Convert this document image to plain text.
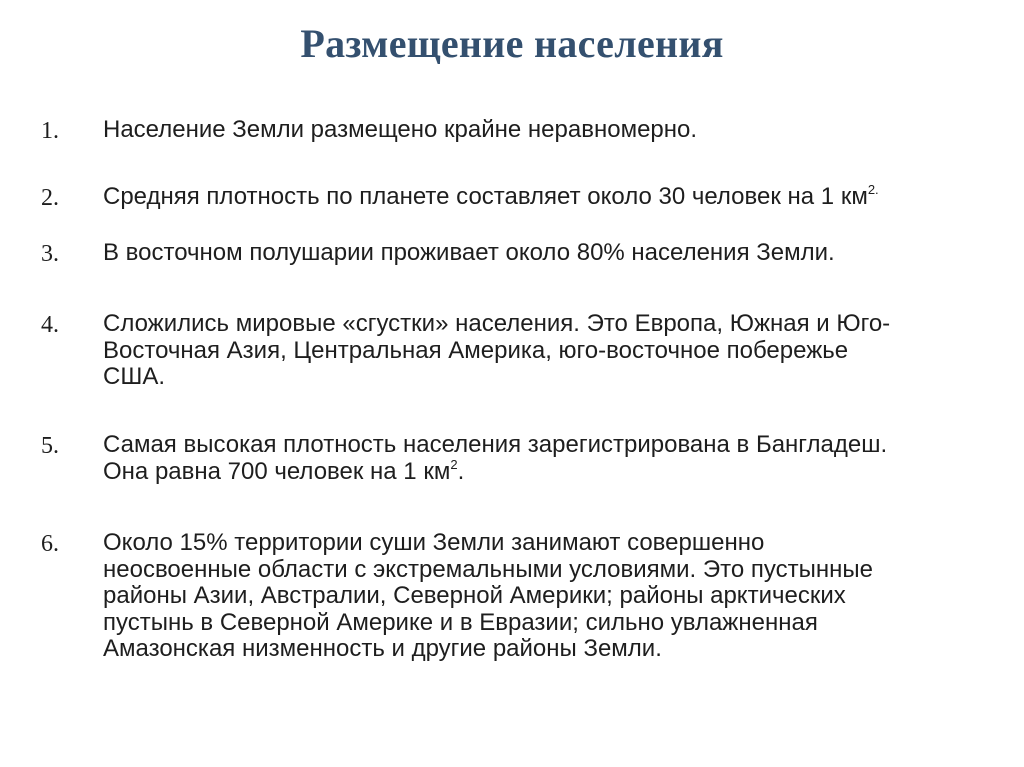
Размещение населения
1. Население Земли размещено крайне неравномерно.
2. Средняя плотность по планете составляет около 30 человек на 1 $км^{2.}$
3. В восточном полушарии проживает около 80% населения Земли.
4. Сложились мировые «сгустки» населения. Это Европа, Южная и Юго-
Восточная Азия, Центральная Америка, юго-восточное побережье
США.
5. Самая высокая плотность населения зарегистрирована в Бангладеш.
Она равна 700 человек на 1 $км^2$.
6. Около 15% территории суши Земли занимают совершенно
неосвоенные области с экстремальными условиями. Это пустынные
районы Азии, Австралии, Северной Америки; районы арктических
пустынь в Северной Америке и в Евразии; сильно увлажненная
Амазонская низменность и другие районы Земли.
